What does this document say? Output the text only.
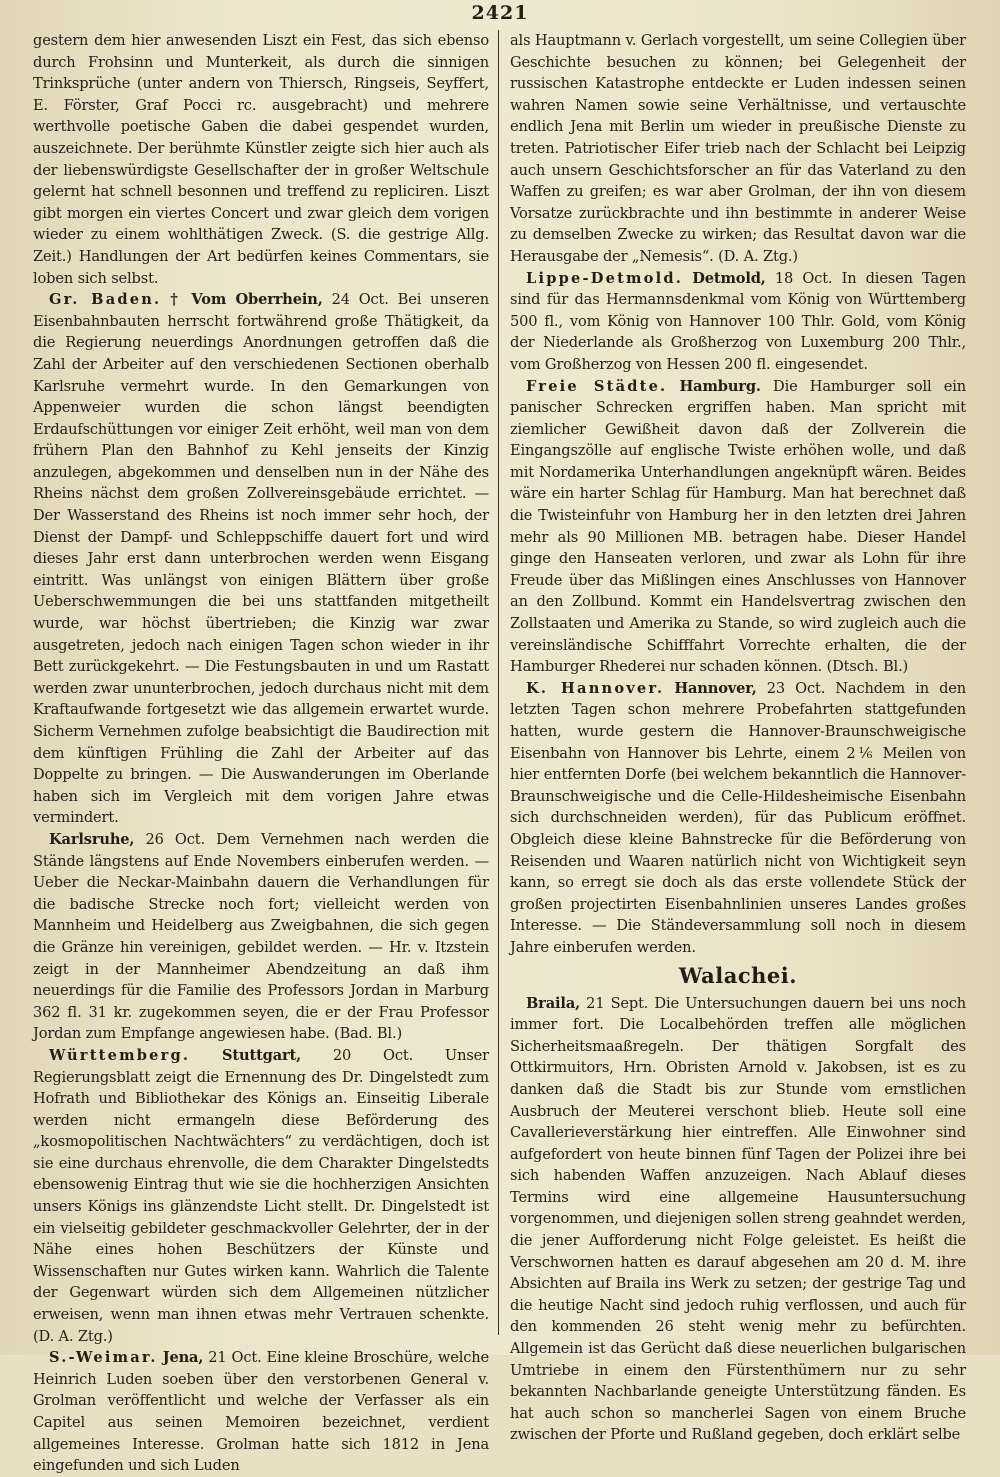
2421

gestern dem hier anwesenden Liszt ein Fest, das sich ebenso durch Frohsinn und Munterkeit, als durch die sinnigen Trinksprüche (unter andern von Thiersch, Ringseis, Seyffert, E. Förster, Graf Pocci rc. ausgebracht) und mehrere werthvolle poetische Gaben die dabei gespendet wurden, auszeichnete. Der berühmte Künstler zeigte sich hier auch als der liebenswürdigste Gesellschafter der in großer Weltschule gelernt hat schnell besonnen und treffend zu repliciren. Liszt gibt morgen ein viertes Concert und zwar gleich dem vorigen wieder zu einem wohlthätigen Zweck. (S. die gestrige Allg. Zeit.) Handlungen der Art bedürfen keines Commentars, sie loben sich selbst.

Gr. Baden. † Vom Oberrhein, 24 Oct. Bei unseren Eisenbahnbauten herrscht fortwährend große Thätigkeit, da die Regierung neuerdings Anordnungen getroffen daß die Zahl der Arbeiter auf den verschiedenen Sectionen oberhalb Karlsruhe vermehrt wurde. In den Gemarkungen von Appenweier wurden die schon längst beendigten Erdaufschüttungen vor einiger Zeit erhöht, weil man von dem frühern Plan den Bahnhof zu Kehl jenseits der Kinzig anzulegen, abgekommen und denselben nun in der Nähe des Rheins nächst dem großen Zollvereinsgebäude errichtet. — Der Wasserstand des Rheins ist noch immer sehr hoch, der Dienst der Dampf- und Schleppschiffe dauert fort und wird dieses Jahr erst dann unterbrochen werden wenn Eisgang eintritt. Was unlängst von einigen Blättern über große Ueberschwemmungen die bei uns stattfanden mitgetheilt wurde, war höchst übertrieben; die Kinzig war zwar ausgetreten, jedoch nach einigen Tagen schon wieder in ihr Bett zurückgekehrt. — Die Festungsbauten in und um Rastatt werden zwar ununterbrochen, jedoch durchaus nicht mit dem Kraftaufwande fortgesetzt wie das allgemein erwartet wurde. Sicherm Vernehmen zufolge beabsichtigt die Baudirection mit dem künftigen Frühling die Zahl der Arbeiter auf das Doppelte zu bringen. — Die Auswanderungen im Oberlande haben sich im Vergleich mit dem vorigen Jahre etwas vermindert.

Karlsruhe, 26 Oct. Dem Vernehmen nach werden die Stände längstens auf Ende Novembers einberufen werden. — Ueber die Neckar-Mainbahn dauern die Verhandlungen für die badische Strecke noch fort; vielleicht werden von Mannheim und Heidelberg aus Zweigbahnen, die sich gegen die Gränze hin vereinigen, gebildet werden. — Hr. v. Itzstein zeigt in der Mannheimer Abendzeitung an daß ihm neuerdings für die Familie des Professors Jordan in Marburg 362 fl. 31 kr. zugekommen seyen, die er der Frau Professor Jordan zum Empfange angewiesen habe. (Bad. Bl.)

Württemberg. Stuttgart, 20 Oct. Unser Regierungsblatt zeigt die Ernennung des Dr. Dingelstedt zum Hofrath und Bibliothekar des Königs an. Einseitig Liberale werden nicht ermangeln diese Beförderung des „kosmopolitischen Nachtwächters“ zu verdächtigen, doch ist sie eine durchaus ehrenvolle, die dem Charakter Dingelstedts ebensowenig Eintrag thut wie sie die hochherzigen Ansichten unsers Königs ins glänzendste Licht stellt. Dr. Dingelstedt ist ein vielseitig gebildeter geschmackvoller Gelehrter, der in der Nähe eines hohen Beschützers der Künste und Wissenschaften nur Gutes wirken kann. Wahrlich die Talente der Gegenwart würden sich dem Allgemeinen nützlicher erweisen, wenn man ihnen etwas mehr Vertrauen schenkte. (D. A. Ztg.)

S.-Weimar. Jena, 21 Oct. Eine kleine Broschüre, welche Heinrich Luden soeben über den verstorbenen General v. Grolman veröffentlicht und welche der Verfasser als ein Capitel aus seinen Memoiren bezeichnet, verdient allgemeines Interesse. Grolman hatte sich 1812 in Jena eingefunden und sich Luden

als Hauptmann v. Gerlach vorgestellt, um seine Collegien über Geschichte besuchen zu können; bei Gelegenheit der russischen Katastrophe entdeckte er Luden indessen seinen wahren Namen sowie seine Verhältnisse, und vertauschte endlich Jena mit Berlin um wieder in preußische Dienste zu treten. Patriotischer Eifer trieb nach der Schlacht bei Leipzig auch unsern Geschichtsforscher an für das Vaterland zu den Waffen zu greifen; es war aber Grolman, der ihn von diesem Vorsatze zurückbrachte und ihn bestimmte in anderer Weise zu demselben Zwecke zu wirken; das Resultat davon war die Herausgabe der „Nemesis“. (D. A. Ztg.)

Lippe-Detmold. Detmold, 18 Oct. In diesen Tagen sind für das Hermannsdenkmal vom König von Württemberg 500 fl., vom König von Hannover 100 Thlr. Gold, vom König der Niederlande als Großherzog von Luxemburg 200 Thlr., vom Großherzog von Hessen 200 fl. eingesendet.

Freie Städte. Hamburg. Die Hamburger soll ein panischer Schrecken ergriffen haben. Man spricht mit ziemlicher Gewißheit davon daß der Zollverein die Eingangszölle auf englische Twiste erhöhen wolle, und daß mit Nordamerika Unterhandlungen angeknüpft wären. Beides wäre ein harter Schlag für Hamburg. Man hat berechnet daß die Twisteinfuhr von Hamburg her in den letzten drei Jahren mehr als 90 Millionen MB. betragen habe. Dieser Handel ginge den Hanseaten verloren, und zwar als Lohn für ihre Freude über das Mißlingen eines Anschlusses von Hannover an den Zollbund. Kommt ein Handelsvertrag zwischen den Zollstaaten und Amerika zu Stande, so wird zugleich auch die vereinsländische Schifffahrt Vorrechte erhalten, die der Hamburger Rhederei nur schaden können. (Dtsch. Bl.)

K. Hannover. Hannover, 23 Oct. Nachdem in den letzten Tagen schon mehrere Probefahrten stattgefunden hatten, wurde gestern die Hannover-Braunschweigische Eisenbahn von Hannover bis Lehrte, einem 2⅙ Meilen von hier entfernten Dorfe (bei welchem bekanntlich die Hannover-Braunschweigische und die Celle-Hildesheimische Eisenbahn sich durchschneiden werden), für das Publicum eröffnet. Obgleich diese kleine Bahnstrecke für die Beförderung von Reisenden und Waaren natürlich nicht von Wichtigkeit seyn kann, so erregt sie doch als das erste vollendete Stück der großen projectirten Eisenbahnlinien unseres Landes großes Interesse. — Die Ständeversammlung soll noch in diesem Jahre einberufen werden.

Walachei.

Braila, 21 Sept. Die Untersuchungen dauern bei uns noch immer fort. Die Localbehörden treffen alle möglichen Sicherheitsmaaßregeln. Der thätigen Sorgfalt des Ottkirmuitors, Hrn. Obristen Arnold v. Jakobsen, ist es zu danken daß die Stadt bis zur Stunde vom ernstlichen Ausbruch der Meuterei verschont blieb. Heute soll eine Cavallerieverstärkung hier eintreffen. Alle Einwohner sind aufgefordert von heute binnen fünf Tagen der Polizei ihre bei sich habenden Waffen anzuzeigen. Nach Ablauf dieses Termins wird eine allgemeine Hausuntersuchung vorgenommen, und diejenigen sollen streng geahndet werden, die jener Aufforderung nicht Folge geleistet. Es heißt die Verschwornen hatten es darauf abgesehen am 20 d. M. ihre Absichten auf Braila ins Werk zu setzen; der gestrige Tag und die heutige Nacht sind jedoch ruhig verflossen, und auch für den kommenden 26 steht wenig mehr zu befürchten. Allgemein ist das Gerücht daß diese neuerlichen bulgarischen Umtriebe in einem den Fürstenthümern nur zu sehr bekannten Nachbarlande geneigte Unterstützung fänden. Es hat auch schon so mancherlei Sagen von einem Bruche zwischen der Pforte und Rußland gegeben, doch erklärt selbe
